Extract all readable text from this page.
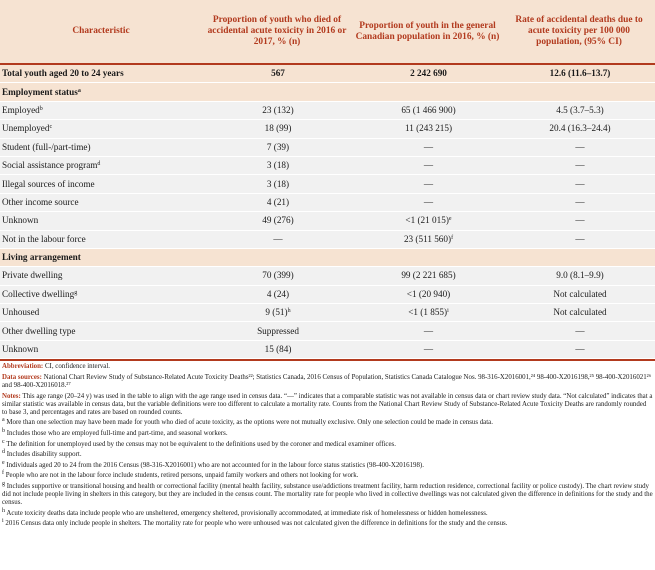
Characteristic	Proportion of youth who died of accidental acute toxicity in 2016 or 2017, % (n)	Proportion of youth in the general Canadian population in 2016, % (n)	Rate of accidental deaths due to acute toxicity per 100 000 population, (95% CI)
Total youth aged 20 to 24 years	567	2 242 690	12.6 (11.6–13.7)
Employment status$^a$
Employed$^b$	23 (132)	65 (1 466 900)	4.5 (3.7–5.3)
Unemployed$^c$	18 (99)	11 (243 215)	20.4 (16.3–24.4)
Student (full-/part-time)	7 (39)	—	—
Social assistance program$^d$	3 (18)	—	—
Illegal sources of income	3 (18)	—	—
Other income source	4 (21)	—	—
Unknown	49 (276)	<1 (21 015)$^e$	—
Not in the labour force	—	23 (511 560)$^f$	—
Living arrangement			
Private dwelling	70 (399)	99 (2 221 685)	9.0 (8.1–9.9)
Collective dwelling$^g$	4 (24)	<1 (20 940)	Not calculated
Unhoused	9 $(51)^h$	<1 (1 855)$^i$	Not calculated
Other dwelling type	Suppressed	—	—
Unknown	15 (84)	—	—

Abbreviation: CI, confidence interval.

Data sources: National Chart Review Study of Substance-Related Acute Toxicity Deaths²²; Statistics Canada, 2016 Census of Population, Statistics Canada Catalogue Nos. 98-316-X2016001,²⁴ 98-400-X2016198,²⁵ 98-400-X2016021²⁶ and 98-400-X2016018.²⁷

Notes: This age range (20–24 y) was used in the table to align with the age range used in census data. “—” indicates that a comparable statistic was not available in census data or chart review study data. “Not calculated” indicates that a similar statistic was available in census data, but the variable definitions were too different to calculate a mortality rate. Counts from the National Chart Review Study of Substance-Related Acute Toxicity Deaths are randomly rounded to base 3, and percentages and rates are based on rounded counts.

$^a$ More than one selection may have been made for youth who died of acute toxicity, as the options were not mutually exclusive. Only one selection could be made in census data.

$^b$ Includes those who are employed full-time and part-time, and seasonal workers.

$^c$ The definition for unemployed used by the census may not be equivalent to the definitions used by the coroner and medical examiner offices.

$^d$ Includes disability support.

$^e$ Individuals aged 20 to 24 from the 2016 Census (98-316-X2016001) who are not accounted for in the labour force status statistics (98-400-X2016198).

$^f$ People who are not in the labour force include students, retired persons, unpaid family workers and others not looking for work.

$^g$ Includes supportive or transitional housing and health or correctional facility (mental health facility, substance use/addictions treatment facility, harm reduction residence, correctional facility or police custody). The chart review study did not include people living in shelters in this category, but they are included in the census count. The mortality rate for people who lived in collective dwellings was not calculated given the difference in definitions for the study and the census.

$^h$ Acute toxicity deaths data include people who are unsheltered, emergency sheltered, provisionally accommodated, at immediate risk of homelessness or hidden homelessness.

$^i$ 2016 Census data only include people in shelters. The mortality rate for people who were unhoused was not calculated given the difference in definitions for the study and the census.
